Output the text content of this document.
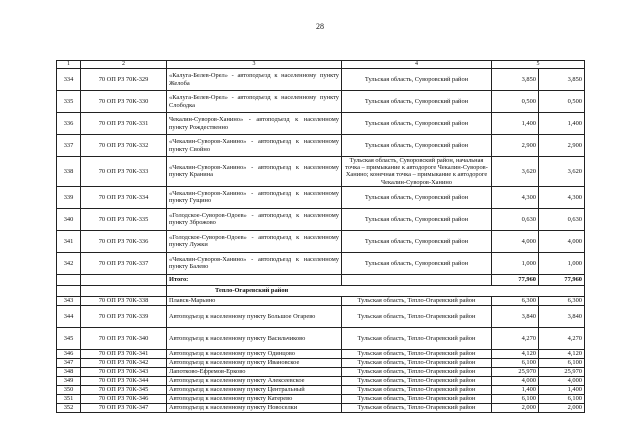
28
1	2	3	4	5	
334	70 ОП РЗ 70К-329	«Калуга-Белев-Орел» - автоподъезд к населенному пункту Желоба	Тульская область, Суворовский район	3,850	3,850
335	70 ОП РЗ 70К-330	«Калуга-Белев-Орел» - автоподъезд к населенному пункту Слободка	Тульская область, Суворовский район	0,500	0,500
336	70 ОП РЗ 70К-331	Чекалин-Суворов-Ханино» - автоподъезд к населенному пункту Рождественно	Тульская область, Суворовский район	1,400	1,400
337	70 ОП РЗ 70К-332	«Чекалин-Суворов-Ханино» - автоподъезд к населенному пункту Свойно	Тульская область, Суворовский район	2,900	2,900
338	70 ОП РЗ 70К-333	«Чекалин-Суворов-Ханино» - автоподъезд к населенному пункту Кранина	Тульская область, Суворовский район, начальная точка – примыкание к автодороге Чекалин-Суворов-Ханино; конечная точка – примыкание к автодороге Чекалин-Суворов-Ханино	3,620	3,620
339	70 ОП РЗ 70К-334	«Чекалин-Суворов-Ханино» - автоподъезд к населенному пункту Гущино	Тульская область, Суворовский район	4,300	4,300
340	70 ОП РЗ 70К-335	«Голодское-Суворов-Одоев» - автоподъезд к населенному пункту Зброжово	Тульская область, Суворовский район	0,630	0,630
341	70 ОП РЗ 70К-336	«Голодское-Суворов-Одоев» - автоподъезд к населенному пункту Лужки	Тульская область, Суворовский район	4,000	4,000
342	70 ОП РЗ 70К-337	«Чекалин-Суворов-Ханино» - автоподъезд к населенному пункту Балево	Тульская область, Суворовский район	1,000	1,000
		Итого:		77,960	77,960
		Тепло-Огаревский район			
343	70 ОП РЗ 70К-338	Плавск-Марьино	Тульская область, Тепло-Огаревский район	6,300	6,300
344	70 ОП РЗ 70К-339	Автоподъезд к населенному пункту Большое Огарево	Тульская область, Тепло-Огаревский район	3,840	3,840
345	70 ОП РЗ 70К-340	Автоподъезд к населенному пункту Васильчиково	Тульская область, Тепло-Огаревский район	4,270	4,270
346	70 ОП РЗ 70К-341	Автоподъезд к населенному пункту Одинцово	Тульская область, Тепло-Огаревский район	4,120	4,120
347	70 ОП РЗ 70К-342	Автоподъезд к населенному пункту Ивановское	Тульская область, Тепло-Огаревский район	6,100	6,100
348	70 ОП РЗ 70К-343	Лапотково-Ефремов-Ерково	Тульская область, Тепло-Огаревский район	25,970	25,970
349	70 ОП РЗ 70К-344	Автоподъезд к населенному пункту Алексеевское	Тульская область, Тепло-Огаревский район	4,000	4,000
350	70 ОП РЗ 70К-345	Автоподъезд к населенному пункту Центральный	Тульская область, Тепло-Огаревский район	1,400	1,400
351	70 ОП РЗ 70К-346	Автоподъезд к населенному пункту Катерево	Тульская область, Тепло-Огаревский район	6,100	6,100
352	70 ОП РЗ 70К-347	Автоподъезд к населенному пункту Новоселки	Тульская область, Тепло-Огаревский район	2,000	2,000
